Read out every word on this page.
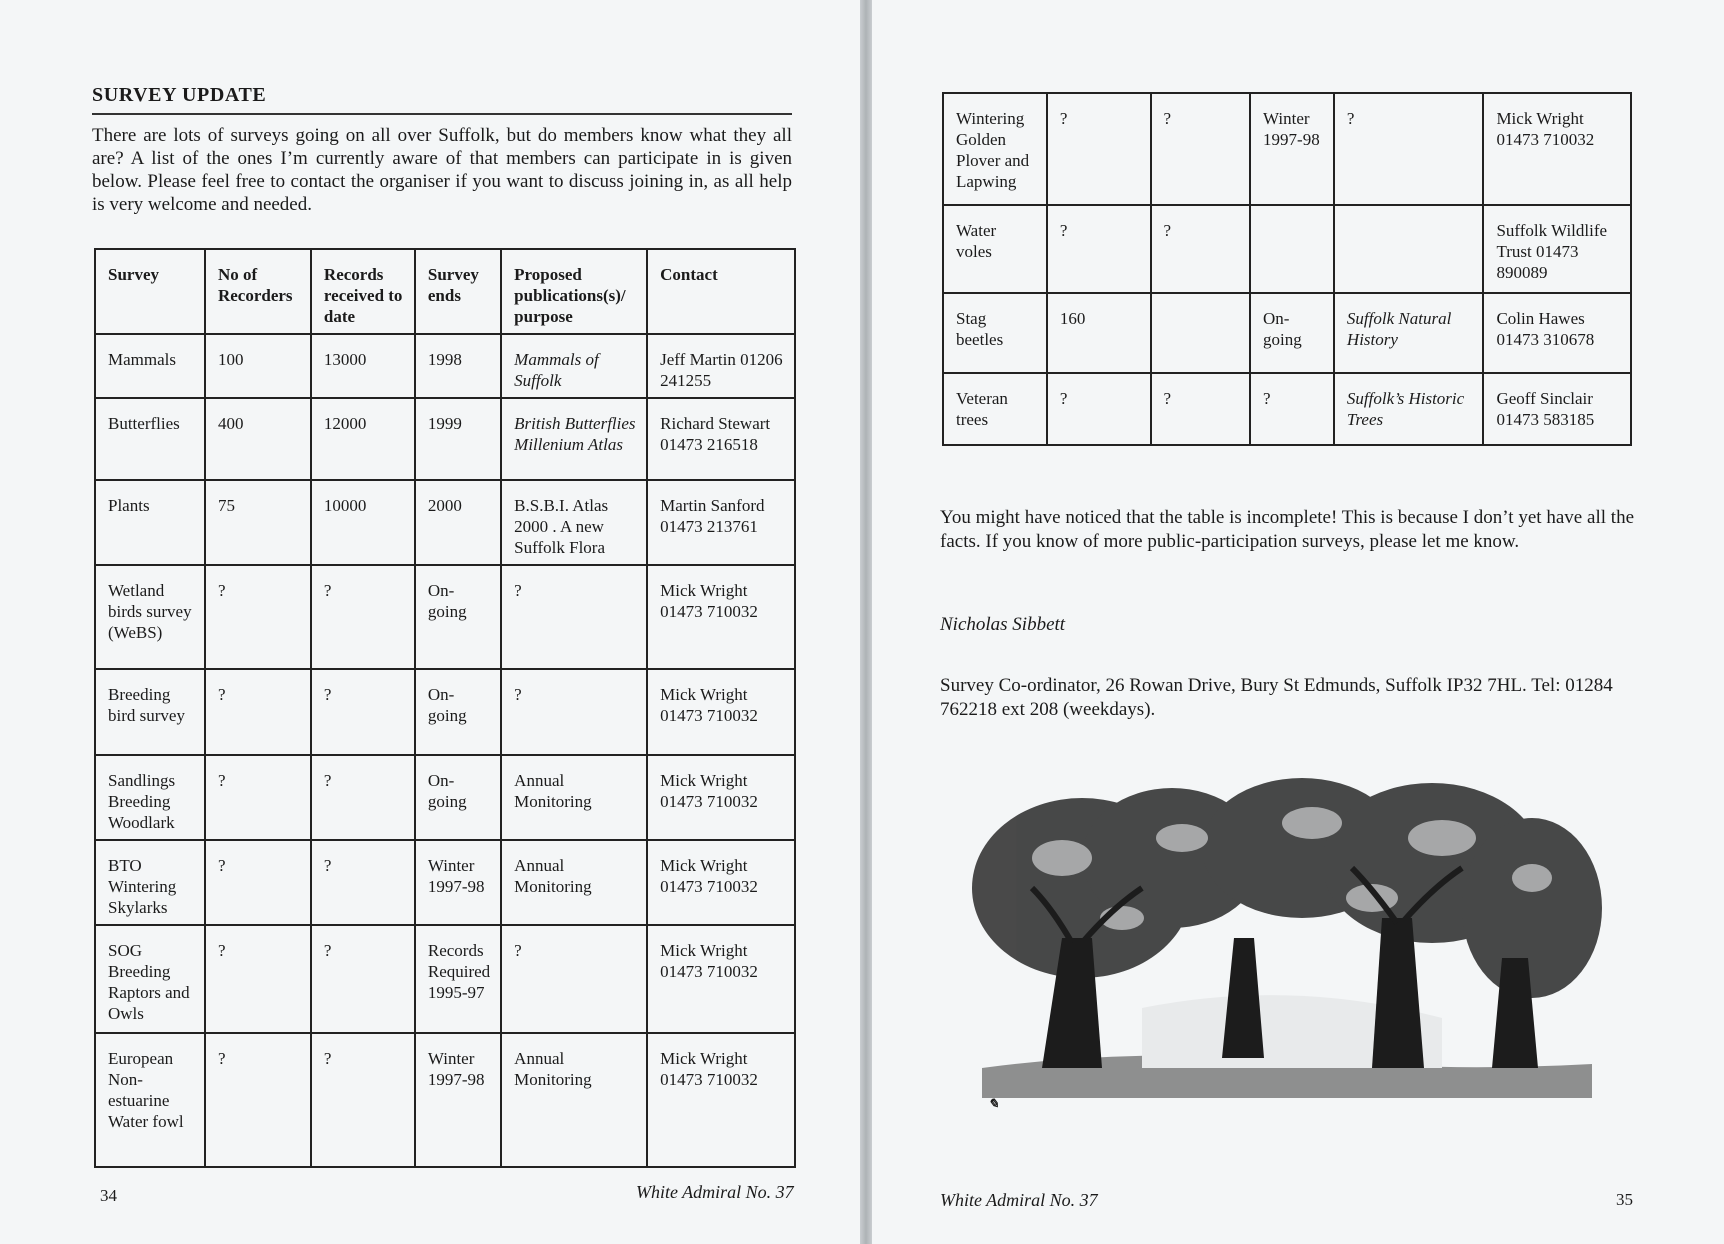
SURVEY UPDATE
There are lots of surveys going on all over Suffolk, but do members know what they all are? A list of the ones I’m currently aware of that members can participate in is given below. Please feel free to contact the organiser if you want to discuss joining in, as all help is very welcome and needed.
Survey	No of Recorders	Records received to date	Survey ends	Proposed publications(s)/ purpose	Contact
Mammals	100	13000	1998	Mammals of Suffolk	Jeff Martin 01206 241255
Butterflies	400	12000	1999	British Butterflies Millenium Atlas	Richard Stewart 01473 216518
Plants	75	10000	2000	B.S.B.I. Atlas 2000 . A new Suffolk Flora	Martin Sanford 01473 213761
Wetland birds survey (WeBS)	?	?	On-going	?	Mick Wright 01473 710032
Breeding bird survey	?	?	On-going	?	Mick Wright 01473 710032
Sandlings Breeding Woodlark	?	?	On-going	Annual Monitoring	Mick Wright 01473 710032
BTO Wintering Skylarks	?	?	Winter 1997-98	Annual Monitoring	Mick Wright 01473 710032
SOG Breeding Raptors and Owls	?	?	Records Required 1995-97	?	Mick Wright 01473 710032
European Non-estuarine Water fowl	?	?	Winter 1997-98	Annual Monitoring	Mick Wright 01473 710032
34	White Admiral No. 37
Wintering Golden Plover and Lapwing	?	?	Winter 1997-98	?	Mick Wright 01473 710032
Water voles	?	?			Suffolk Wildlife Trust 01473 890089
Stag beetles	160		On-going	Suffolk Natural History	Colin Hawes 01473 310678
Veteran trees	?	?	?	Suffolk’s Historic Trees	Geoff Sinclair 01473 583185
You might have noticed that the table is incomplete! This is because I don’t yet have all the facts. If you know of more public-participation surveys, please let me know.
Nicholas Sibbett
Survey Co-ordinator, 26 Rowan Drive, Bury St Edmunds, Suffolk IP32 7HL. Tel: 01284 762218 ext 208 (weekdays).
✎
White Admiral No. 37	35
